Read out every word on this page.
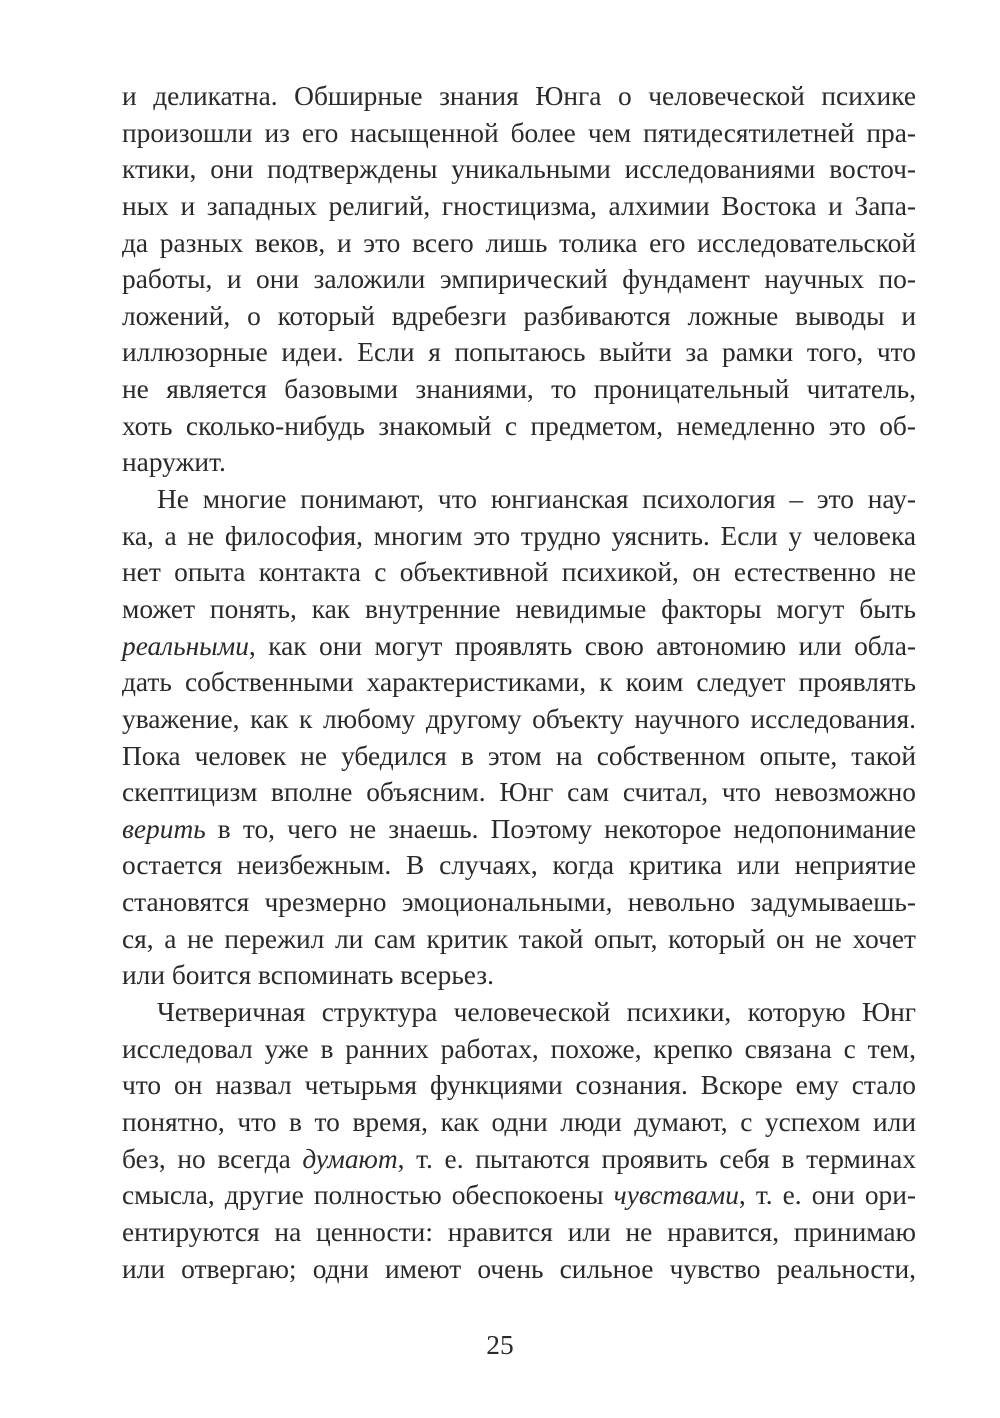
и деликатна. Обширные знания Юнга о человеческой психике
произошли из его насыщенной более чем пятидесятилетней пра-
ктики, они подтверждены уникальными исследованиями восточ-
ных и западных религий, гностицизма, алхимии Востока и Запа-
да разных веков, и это всего лишь толика его исследовательской
работы, и они заложили эмпирический фундамент научных по-
ложений, о который вдребезги разбиваются ложные выводы и
иллюзорные идеи. Если я попытаюсь выйти за рамки того, что
не является базовыми знаниями, то проницательный читатель,
хоть сколько-нибудь знакомый с предметом, немедленно это об-
наружит.
Не многие понимают, что юнгианская психология – это нау-
ка, а не философия, многим это трудно уяснить. Если у человека
нет опыта контакта с объективной психикой, он естественно не
может понять, как внутренние невидимые факторы могут быть
реальными, как они могут проявлять свою автономию или обла-
дать собственными характеристиками, к коим следует проявлять
уважение, как к любому другому объекту научного исследования.
Пока человек не убедился в этом на собственном опыте, такой
скептицизм вполне объясним. Юнг сам считал, что невозможно
верить в то, чего не знаешь. Поэтому некоторое недопонимание
остается неизбежным. В случаях, когда критика или неприятие
становятся чрезмерно эмоциональными, невольно задумываешь-
ся, а не пережил ли сам критик такой опыт, который он не хочет
или боится вспоминать всерьез.
Четверичная структура человеческой психики, которую Юнг
исследовал уже в ранних работах, похоже, крепко связана с тем,
что он назвал четырьмя функциями сознания. Вскоре ему стало
понятно, что в то время, как одни люди думают, с успехом или
без, но всегда думают, т. е. пытаются проявить себя в терминах
смысла, другие полностью обеспокоены чувствами, т. е. они ори-
ентируются на ценности: нравится или не нравится, принимаю
или отвергаю; одни имеют очень сильное чувство реальности,
25
